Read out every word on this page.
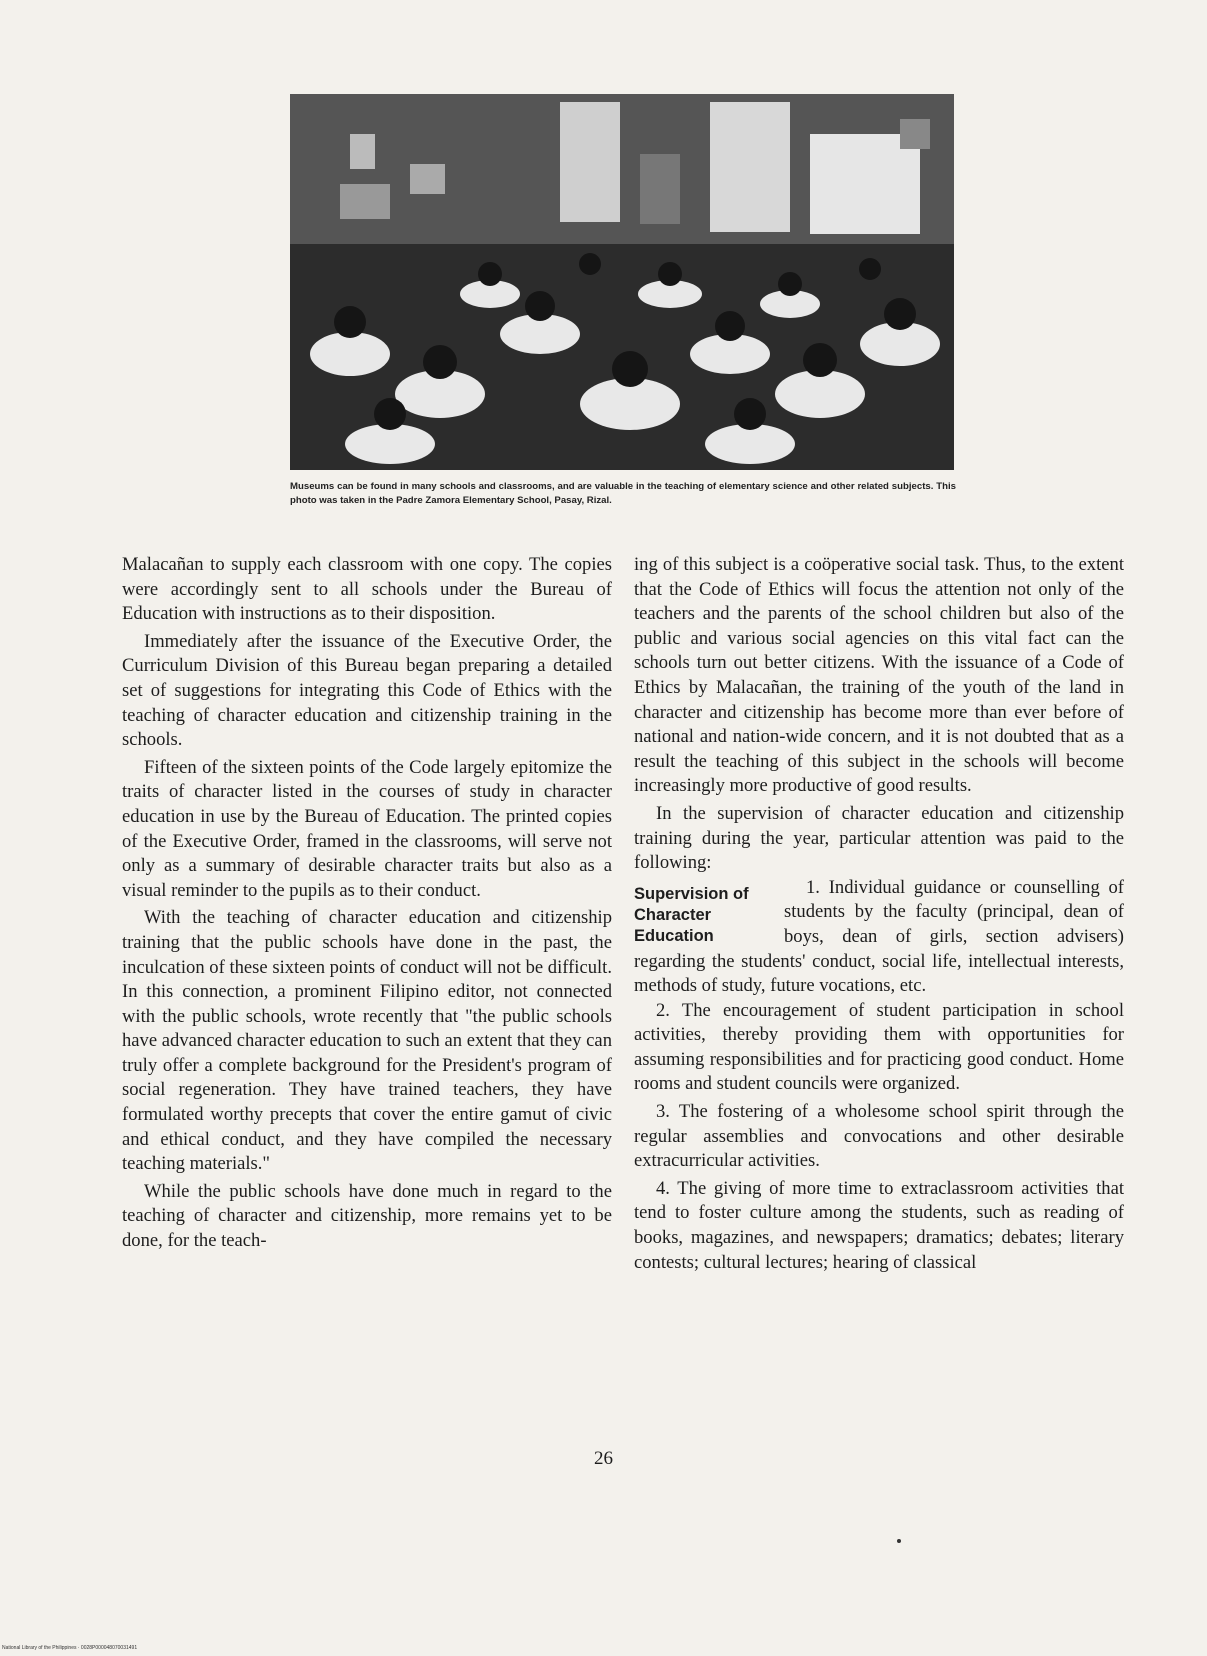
Museums can be found in many schools and classrooms, and are valuable in the teaching of elementary science and other related subjects. This photo was taken in the Padre Zamora Elementary School, Pasay, Rizal.

Malacañan to supply each classroom with one copy. The copies were accordingly sent to all schools under the Bureau of Education with instructions as to their disposition.

Immediately after the issuance of the Executive Order, the Curriculum Division of this Bureau began preparing a detailed set of suggestions for integrating this Code of Ethics with the teaching of character education and citizenship training in the schools.

Fifteen of the sixteen points of the Code largely epitomize the traits of character listed in the courses of study in character education in use by the Bureau of Education. The printed copies of the Executive Order, framed in the classrooms, will serve not only as a summary of desirable character traits but also as a visual reminder to the pupils as to their conduct.

With the teaching of character education and citizenship training that the public schools have done in the past, the inculcation of these sixteen points of conduct will not be difficult. In this connection, a prominent Filipino editor, not connected with the public schools, wrote recently that "the public schools have advanced character education to such an extent that they can truly offer a complete background for the President's program of social regeneration. They have trained teachers, they have formulated worthy precepts that cover the entire gamut of civic and ethical conduct, and they have compiled the necessary teaching materials."

While the public schools have done much in regard to the teaching of character and citizenship, more remains yet to be done, for the teach-

ing of this subject is a coöperative social task. Thus, to the extent that the Code of Ethics will focus the attention not only of the teachers and the parents of the school children but also of the public and various social agencies on this vital fact can the schools turn out better citizens. With the issuance of a Code of Ethics by Malacañan, the training of the youth of the land in character and citizenship has become more than ever before of national and nation-wide concern, and it is not doubted that as a result the teaching of this subject in the schools will become increasingly more productive of good results.

In the supervision of character education and citizenship training during the year, particular attention was paid to the following:

Supervision of Character Education

1. Individual guidance or counselling of students by the faculty (principal, dean of boys, dean of girls, section advisers) regarding the students' conduct, social life, intellectual interests, methods of study, future vocations, etc.

2. The encouragement of student participation in school activities, thereby providing them with opportunities for assuming responsibilities and for practicing good conduct. Home rooms and student councils were organized.

3. The fostering of a wholesome school spirit through the regular assemblies and convocations and other desirable extracurricular activities.

4. The giving of more time to extraclassroom activities that tend to foster culture among the students, such as reading of books, magazines, and newspapers; dramatics; debates; literary contests; cultural lectures; hearing of classical

26
National Library of the Philippines · 0028P000048070031491
